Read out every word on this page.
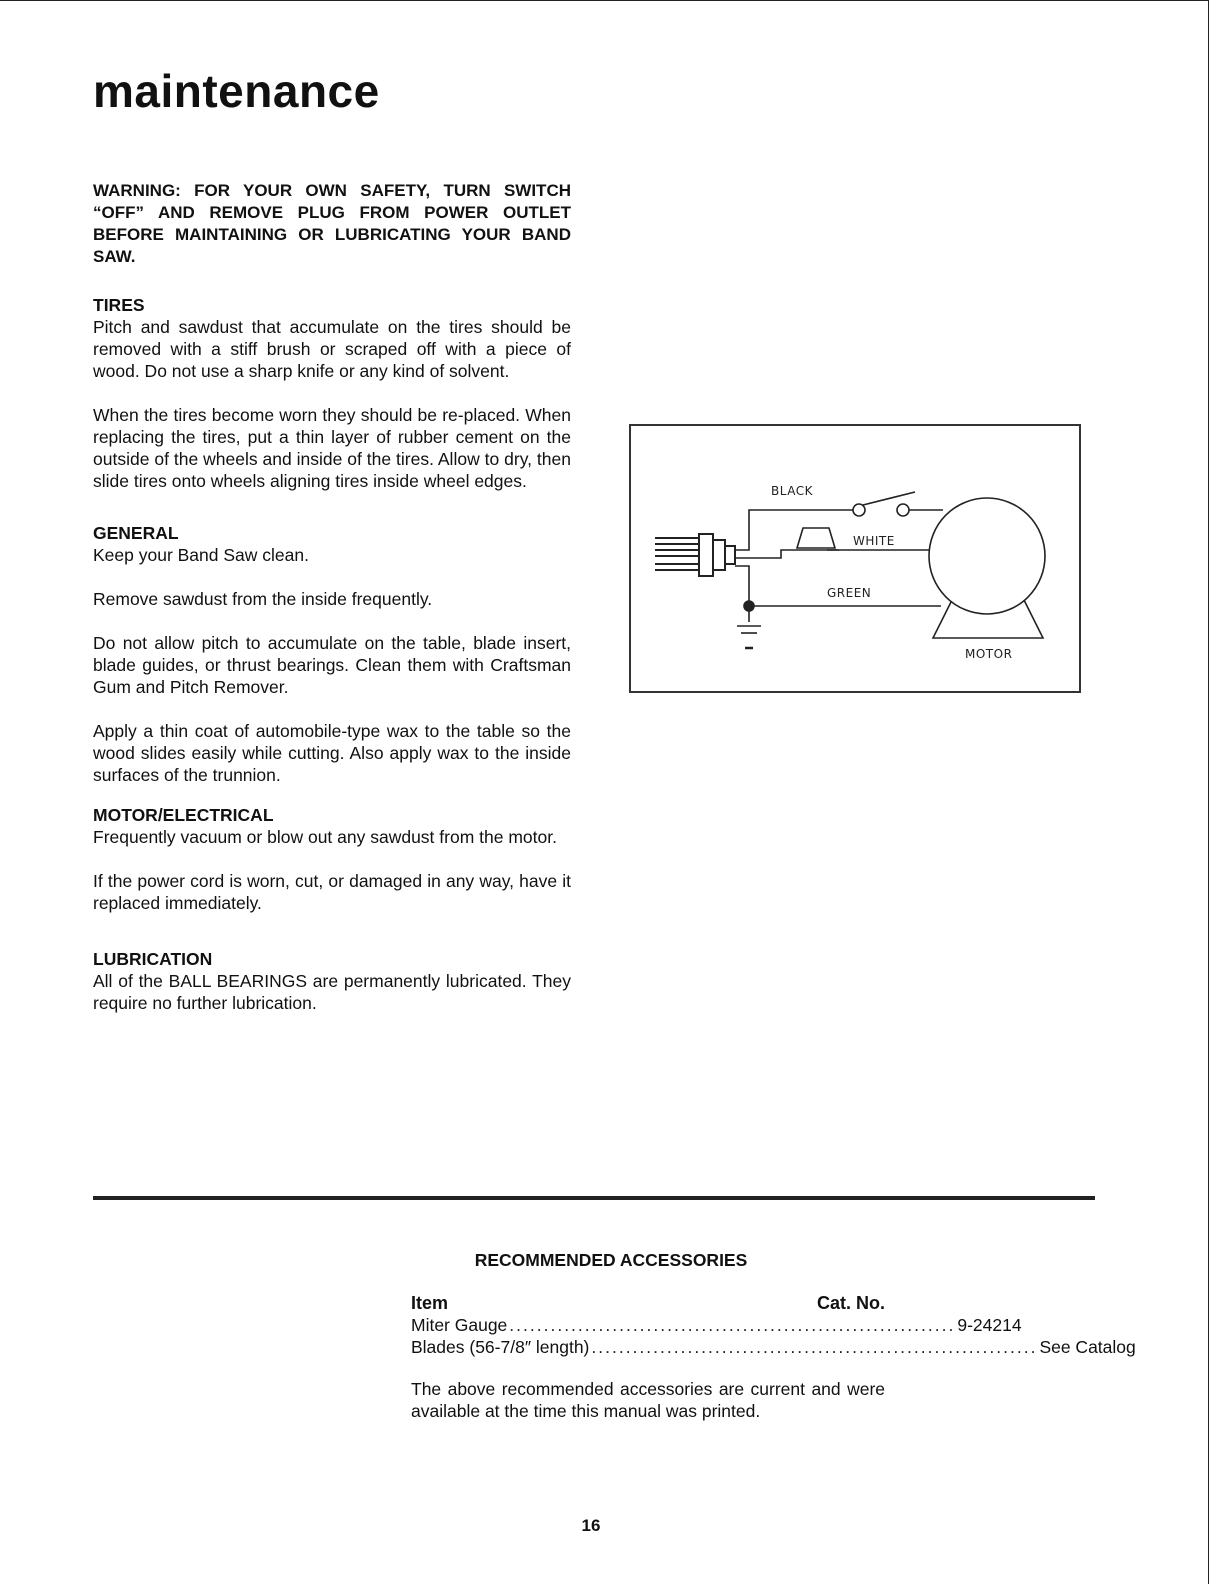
maintenance

WARNING: FOR YOUR OWN SAFETY, TURN SWITCH “OFF” AND REMOVE PLUG FROM POWER OUTLET BEFORE MAINTAINING OR LUBRICATING YOUR BAND SAW.

TIRES

Pitch and sawdust that accumulate on the tires should be removed with a stiff brush or scraped off with a piece of wood. Do not use a sharp knife or any kind of solvent.

When the tires become worn they should be re-placed. When replacing the tires, put a thin layer of rubber cement on the outside of the wheels and inside of the tires. Allow to dry, then slide tires onto wheels aligning tires inside wheel edges.

GENERAL

Keep your Band Saw clean.

Remove sawdust from the inside frequently.

Do not allow pitch to accumulate on the table, blade insert, blade guides, or thrust bearings. Clean them with Craftsman Gum and Pitch Remover.

Apply a thin coat of automobile-type wax to the table so the wood slides easily while cutting. Also apply wax to the inside surfaces of the trunnion.

MOTOR/ELECTRICAL

Frequently vacuum or blow out any sawdust from the motor.

If the power cord is worn, cut, or damaged in any way, have it replaced immediately.

LUBRICATION

All of the BALL BEARINGS are permanently lubricated. They require no further lubrication.

BLACK
WHITE
GREEN
MOTOR
RECOMMENDED ACCESSORIES
Item	Cat. No.
Miter Gauge ................................................................. 9-24214
Blades (56-7/8″ length) ................................................................. See Catalog

The above recommended accessories are current and were available at the time this manual was printed.

16
